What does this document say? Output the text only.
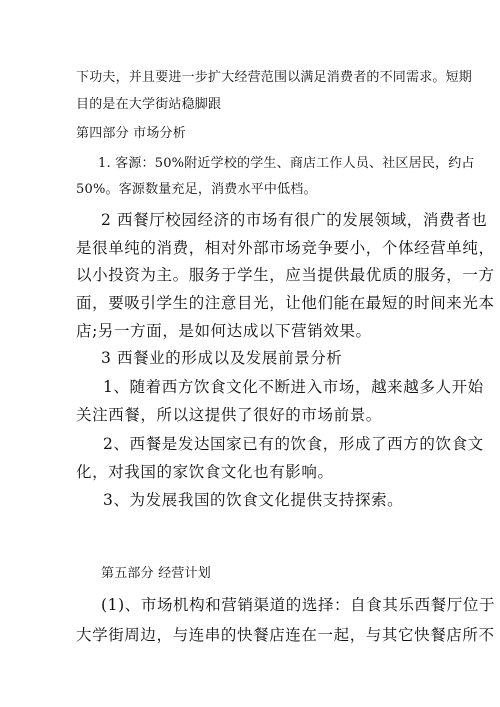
下功夫，并且要进一步扩大经营范围以满足消费者的不同需求。短期
目的是在大学街站稳脚跟
第四部分 市场分析
1. 客源：50%附近学校的学生、商店工作人员、社区居民，约占
50%。客源数量充足，消费水平中低档。
2 西餐厅校园经济的市场有很广的发展领域，消费者也
是很单纯的消费，相对外部市场竞争要小，个体经营单纯，
以小投资为主。服务于学生，应当提供最优质的服务，一方
面，要吸引学生的注意目光，让他们能在最短的时间来光本
店;另一方面，是如何达成以下营销效果。
3 西餐业的形成以及发展前景分析
1、随着西方饮食文化不断进入市场，越来越多人开始
关注西餐，所以这提供了很好的市场前景。
2、西餐是发达国家已有的饮食，形成了西方的饮食文
化，对我国的家饮食文化也有影响。
3、为发展我国的饮食文化提供支持探索。
第五部分 经营计划
(1)、市场机构和营销渠道的选择：自食其乐西餐厅位于
大学街周边，与连串的快餐店连在一起，与其它快餐店所不
